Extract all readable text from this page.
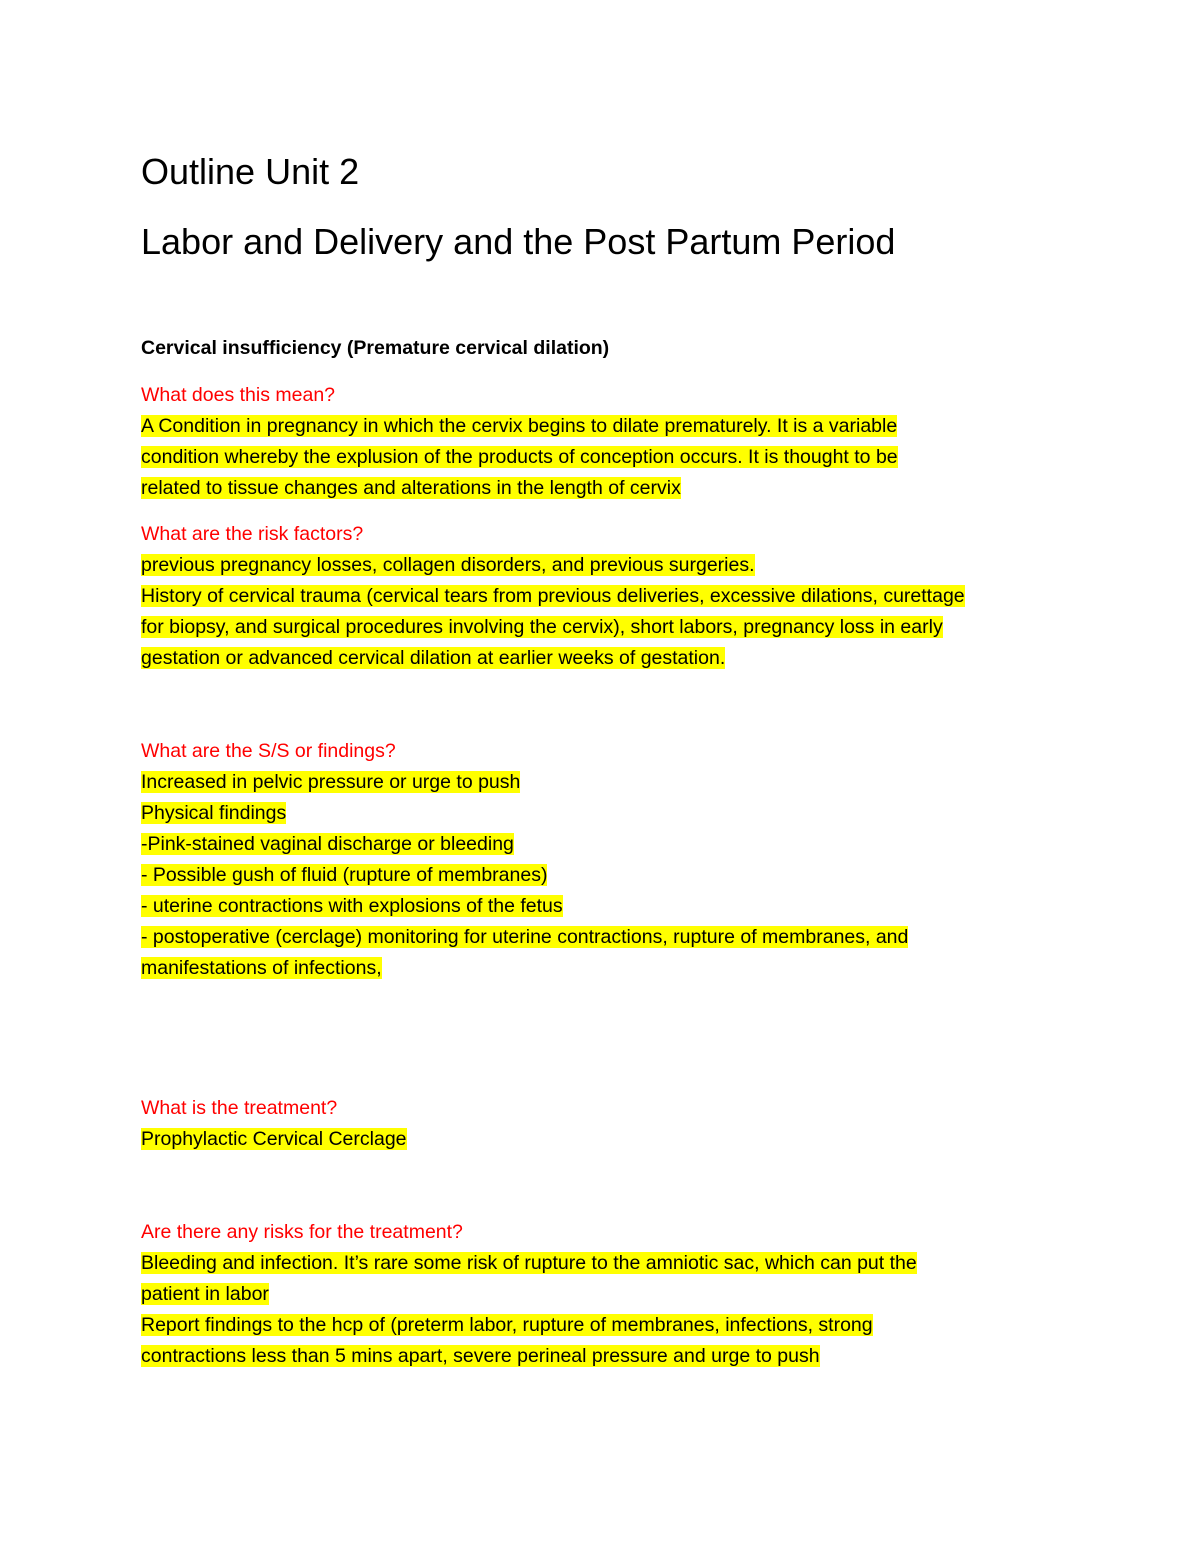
Outline Unit 2
Labor and Delivery and the Post Partum Period
Cervical insufficiency (Premature cervical dilation)
What does this mean?
A Condition in pregnancy in which the cervix begins to dilate prematurely. It is a variable
condition whereby the explusion of the products of conception occurs. It is thought to be
related to tissue changes and alterations in the length of cervix
What are the risk factors?
previous pregnancy losses, collagen disorders, and previous surgeries.
History of cervical trauma (cervical tears from previous deliveries, excessive dilations, curettage
for biopsy, and surgical procedures involving the cervix), short labors, pregnancy loss in early
gestation or advanced cervical dilation at earlier weeks of gestation.
What are the S/S or findings?
Increased in pelvic pressure or urge to push
Physical findings
-Pink-stained vaginal discharge or bleeding
- Possible gush of fluid (rupture of membranes)
- uterine contractions with explosions of the fetus
- postoperative (cerclage) monitoring for uterine contractions, rupture of membranes, and
manifestations of infections,
What is the treatment?
Prophylactic Cervical Cerclage
Are there any risks for the treatment?
Bleeding and infection. It’s rare some risk of rupture to the amniotic sac, which can put the
patient in labor
Report findings to the hcp of (preterm labor, rupture of membranes, infections, strong
contractions less than 5 mins apart, severe perineal pressure and urge to push
